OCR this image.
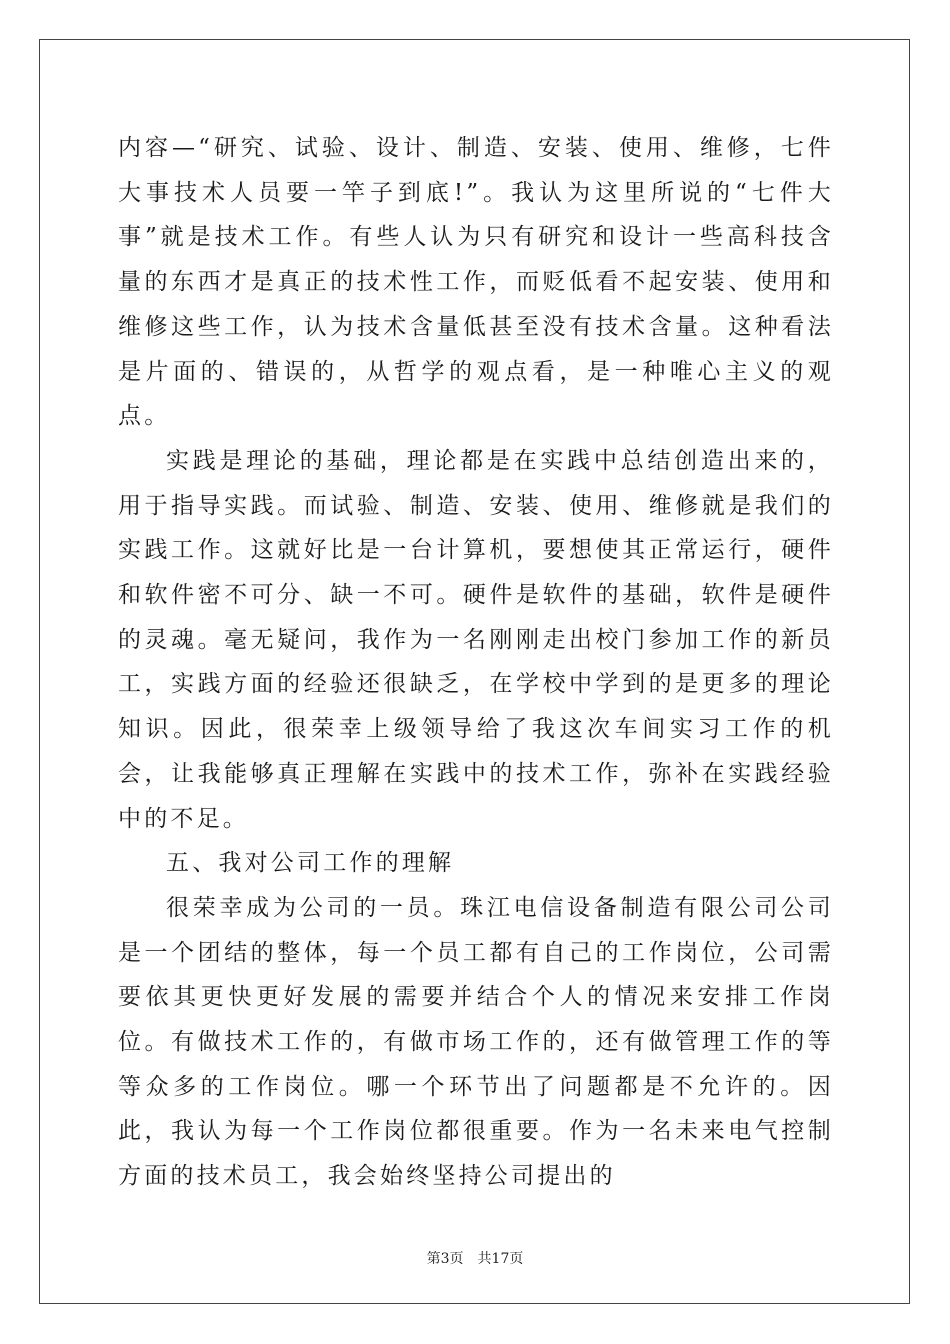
内容—“研究、试验、设计、制造、安装、使用、维修，七件大事技术人员要一竿子到底!”。我认为这里所说的“七件大事”就是技术工作。有些人认为只有研究和设计一些高科技含量的东西才是真正的技术性工作，而贬低看不起安装、使用和维修这些工作，认为技术含量低甚至没有技术含量。这种看法是片面的、错误的，从哲学的观点看，是一种唯心主义的观点。

实践是理论的基础，理论都是在实践中总结创造出来的，用于指导实践。而试验、制造、安装、使用、维修就是我们的实践工作。这就好比是一台计算机，要想使其正常运行，硬件和软件密不可分、缺一不可。硬件是软件的基础，软件是硬件的灵魂。毫无疑问，我作为一名刚刚走出校门参加工作的新员工，实践方面的经验还很缺乏，在学校中学到的是更多的理论知识。因此，很荣幸上级领导给了我这次车间实习工作的机会，让我能够真正理解在实践中的技术工作，弥补在实践经验中的不足。

五、我对公司工作的理解

很荣幸成为公司的一员。珠江电信设备制造有限公司公司是一个团结的整体，每一个员工都有自己的工作岗位，公司需要依其更快更好发展的需要并结合个人的情况来安排工作岗位。有做技术工作的，有做市场工作的，还有做管理工作的等等众多的工作岗位。哪一个环节出了问题都是不允许的。因此，我认为每一个工作岗位都很重要。作为一名未来电气控制方面的技术员工，我会始终坚持公司提出的

第3页 共17页
